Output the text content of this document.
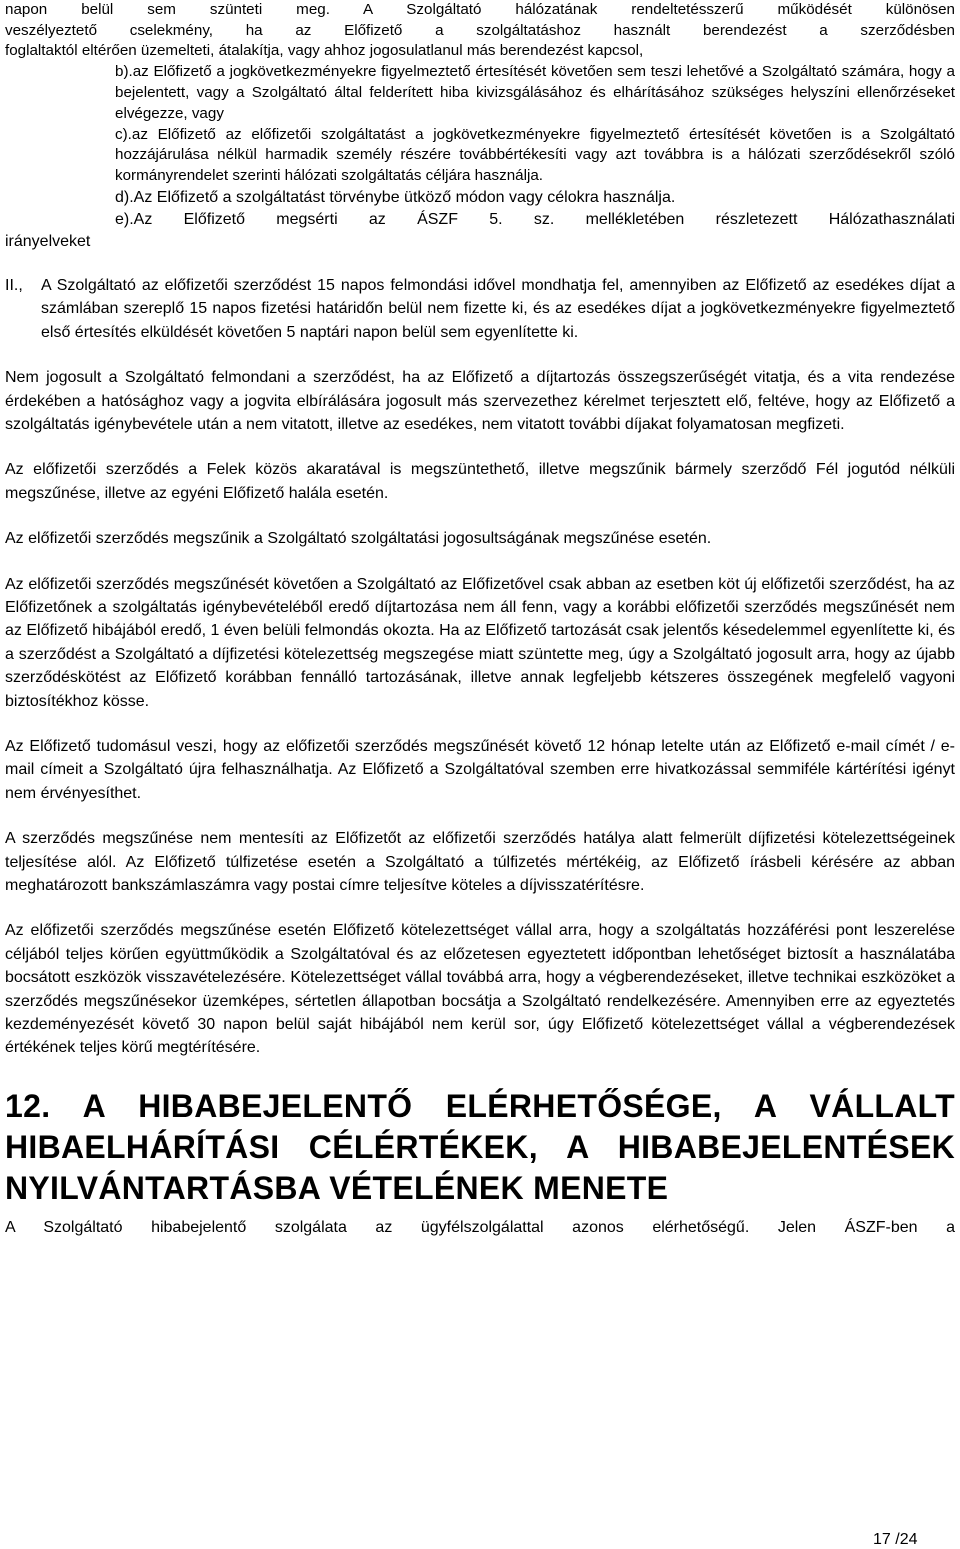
napon belül sem szünteti meg. A Szolgáltató hálózatának rendeltetésszerű működését különösen

veszélyeztető cselekmény, ha az Előfizető a szolgáltatáshoz használt berendezést a szerződésben

foglaltaktól eltérően üzemelteti, átalakítja, vagy ahhoz jogosulatlanul más berendezést kapcsol,

b).az Előfizető a jogkövetkezményekre figyelmeztető értesítését követően sem teszi lehetővé a Szolgáltató számára, hogy a bejelentett, vagy a Szolgáltató által felderített hiba kivizsgálásához és elhárításához szükséges helyszíni ellenőrzéseket elvégezze, vagy

c).az Előfizető az előfizetői szolgáltatást a jogkövetkezményekre figyelmeztető értesítését követően is a Szolgáltató hozzájárulása nélkül harmadik személy részére továbbértékesíti vagy azt továbbra is a hálózati szerződésekről szóló kormányrendelet szerinti hálózati szolgáltatás céljára használja.

d).Az Előfizető a szolgáltatást törvénybe ütköző módon vagy célokra használja.

e).Az Előfizető megsérti az ÁSZF 5. sz. mellékletében részletezett Hálózathasználati

irányelveket

II.,	A Szolgáltató az előfizetői szerződést 15 napos felmondási idővel mondhatja fel, amennyiben az Előfizető az esedékes díjat a számlában szereplő 15 napos fizetési határidőn belül nem fizette ki, és az esedékes díjat a jogkövetkezményekre figyelmeztető első értesítés elküldését követően 5 naptári napon belül sem egyenlítette ki.

Nem jogosult a Szolgáltató felmondani a szerződést, ha az Előfizető a díjtartozás összegszerűségét vitatja, és a vita rendezése érdekében a hatósághoz vagy a jogvita elbírálására jogosult más szervezethez kérelmet terjesztett elő, feltéve, hogy az Előfizető a szolgáltatás igénybevétele után a nem vitatott, illetve az esedékes, nem vitatott további díjakat folyamatosan megfizeti.

Az előfizetői szerződés a Felek közös akaratával is megszüntethető, illetve megszűnik bármely szerződő Fél jogutód nélküli megszűnése, illetve az egyéni Előfizető halála esetén.

Az előfizetői szerződés megszűnik a Szolgáltató szolgáltatási jogosultságának megszűnése esetén.

Az előfizetői szerződés megszűnését követően a Szolgáltató az Előfizetővel csak abban az esetben köt új előfizetői szerződést, ha az Előfizetőnek a szolgáltatás igénybevételéből eredő díjtartozása nem áll fenn, vagy a korábbi előfizetői szerződés megszűnését nem az Előfizető hibájából eredő, 1 éven belüli felmondás okozta. Ha az Előfizető tartozását csak jelentős késedelemmel egyenlítette ki, és a szerződést a Szolgáltató a díjfizetési kötelezettség megszegése miatt szüntette meg, úgy a Szolgáltató jogosult arra, hogy az újabb szerződéskötést az Előfizető korábban fennálló tartozásának, illetve annak legfeljebb kétszeres összegének megfelelő vagyoni biztosítékhoz kösse.

Az Előfizető tudomásul veszi, hogy az előfizetői szerződés megszűnését követő 12 hónap letelte után az Előfizető e-mail címét / e-mail címeit a Szolgáltató újra felhasználhatja. Az Előfizető a Szolgáltatóval szemben erre hivatkozással semmiféle kártérítési igényt nem érvényesíthet.

A szerződés megszűnése nem mentesíti az Előfizetőt az előfizetői szerződés hatálya alatt felmerült díjfizetési kötelezettségeinek teljesítése alól. Az Előfizető túlfizetése esetén a Szolgáltató a túlfizetés mértékéig, az Előfizető írásbeli kérésére az abban meghatározott bankszámlaszámra vagy postai címre teljesítve köteles a díjvisszatérítésre.

Az előfizetői szerződés megszűnése esetén Előfizető kötelezettséget vállal arra, hogy a szolgáltatás hozzáférési pont leszerelése céljából teljes körűen együttműködik a Szolgáltatóval és az előzetesen egyeztetett időpontban lehetőséget biztosít a használatába bocsátott eszközök visszavételezésére. Kötelezettséget vállal továbbá arra, hogy a végberendezéseket, illetve technikai eszközöket a szerződés megszűnésekor üzemképes, sértetlen állapotban bocsátja a Szolgáltató rendelkezésére. Amennyiben erre az egyeztetés kezdeményezését követő 30 napon belül saját hibájából nem kerül sor, úgy Előfizető kötelezettséget vállal a végberendezések értékének teljes körű megtérítésére.

12. A HIBABEJELENTŐ ELÉRHETŐSÉGE, A VÁLLALT
HIBAELHÁRÍTÁSI CÉLÉRTÉKEK, A HIBABEJELENTÉSEK
NYILVÁNTARTÁSBA VÉTELÉNEK MENETE

A Szolgáltató hibabejelentő szolgálata az ügyfélszolgálattal azonos elérhetőségű. Jelen ÁSZF-ben a

17 /24
